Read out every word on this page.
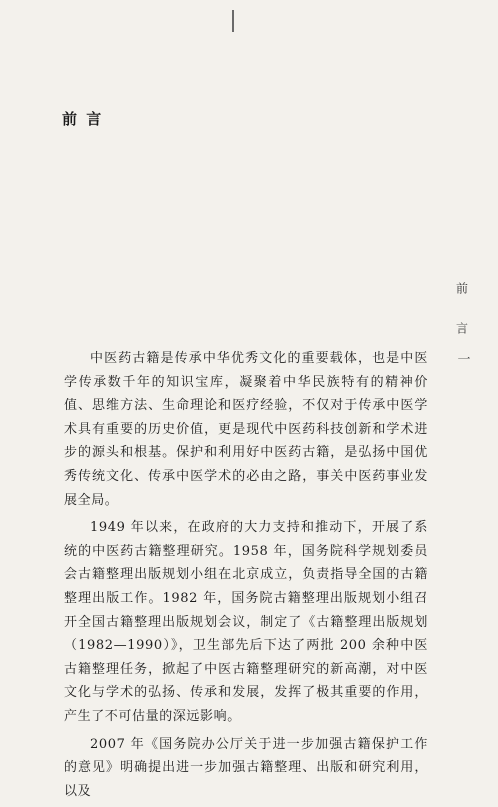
前 言
前 言
一

中医药古籍是传承中华优秀文化的重要载体，也是中医学传承数千年的知识宝库，凝聚着中华民族特有的精神价值、思维方法、生命理论和医疗经验，不仅对于传承中医学术具有重要的历史价值，更是现代中医药科技创新和学术进步的源头和根基。保护和利用好中医药古籍，是弘扬中国优秀传统文化、传承中医学术的必由之路，事关中医药事业发展全局。

1949 年以来，在政府的大力支持和推动下，开展了系统的中医药古籍整理研究。1958 年，国务院科学规划委员会古籍整理出版规划小组在北京成立，负责指导全国的古籍整理出版工作。1982 年，国务院古籍整理出版规划小组召开全国古籍整理出版规划会议，制定了《古籍整理出版规划（1982—1990）》，卫生部先后下达了两批 200 余种中医古籍整理任务，掀起了中医古籍整理研究的新高潮，对中医文化与学术的弘扬、传承和发展，发挥了极其重要的作用，产生了不可估量的深远影响。

2007 年《国务院办公厅关于进一步加强古籍保护工作的意见》明确提出进一步加强古籍整理、出版和研究利用，以及
